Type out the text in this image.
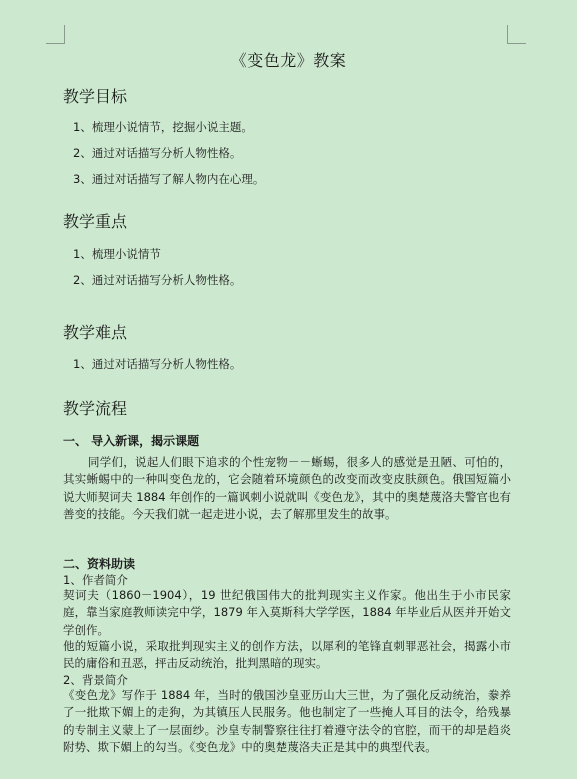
《变色龙》教案
教学目标
1、梳理小说情节，挖掘小说主题。
2、通过对话描写分析人物性格。
3、通过对话描写了解人物内在心理。
教学重点
1、梳理小说情节
2、通过对话描写分析人物性格。
教学难点
1、通过对话描写分析人物性格。
教学流程
一、 导入新课，揭示课题
同学们，说起人们眼下追求的个性宠物－－蜥蜴，很多人的感觉是丑陋、可怕的，其实蜥蜴中的一种叫变色龙的，它会随着环境颜色的改变而改变皮肤颜色。俄国短篇小说大师契诃夫 1884 年创作的一篇讽刺小说就叫《变色龙》，其中的奥楚蔑洛夫警官也有善变的技能。今天我们就一起走进小说，去了解那里发生的故事。
二、资料助读
1、作者简介
契诃夫（1860－1904），19 世纪俄国伟大的批判现实主义作家。他出生于小市民家庭，靠当家庭教师读完中学，1879 年入莫斯科大学学医，1884 年毕业后从医并开始文学创作。
他的短篇小说，采取批判现实主义的创作方法，以犀利的笔锋直刺罪恶社会，揭露小市民的庸俗和丑恶，抨击反动统治，批判黑暗的现实。
2、背景简介
《变色龙》写作于 1884 年，当时的俄国沙皇亚历山大三世，为了强化反动统治，豢养了一批欺下媚上的走狗，为其镇压人民服务。他也制定了一些掩人耳目的法令，给残暴的专制主义蒙上了一层面纱。沙皇专制警察往往打着遵守法令的官腔，而干的却是趋炎附势、欺下媚上的勾当。《变色龙》中的奥楚蔑洛夫正是其中的典型代表。
